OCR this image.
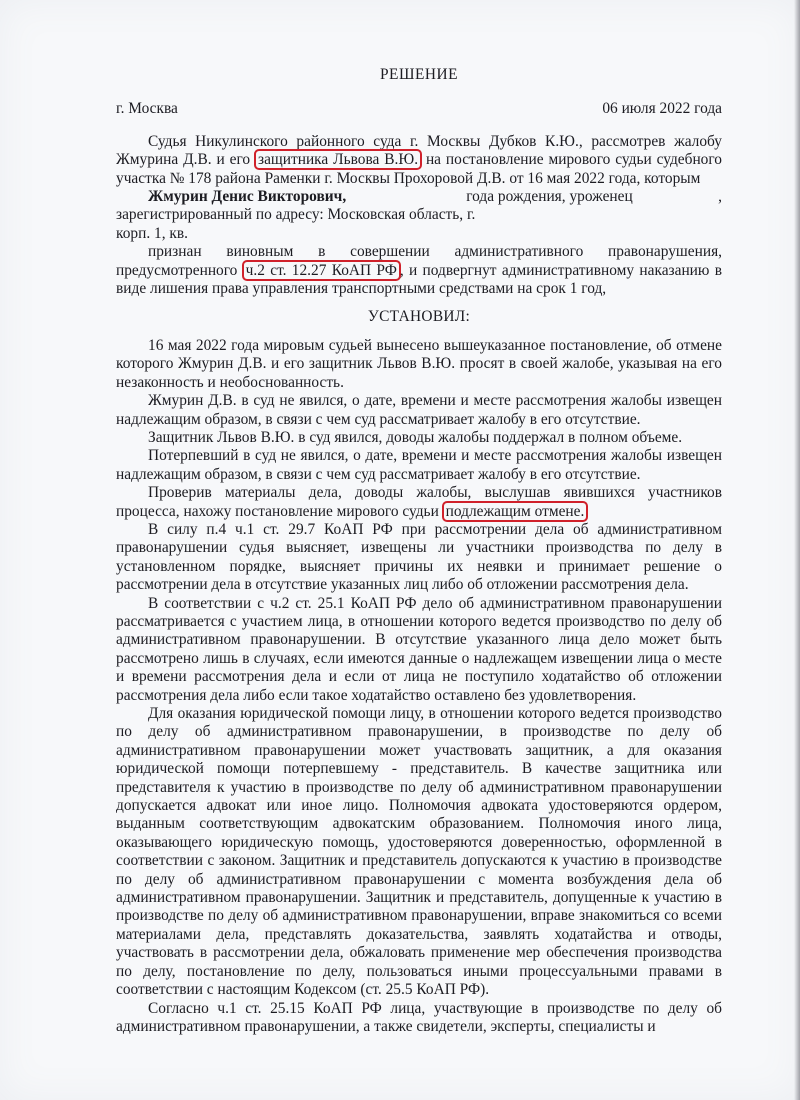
РЕШЕНИЕ
г. Москва	06 июля 2022 года

Судья Никулинского районного суда г. Москвы Дубков К.Ю., рассмотрев жалобу Жмурина Д.В. и его защитника Львова В.Ю. на постановление мирового судьи судебного участка № 178 района Раменки г. Москвы Прохоровой Д.В. от 16 мая 2022 года, которым

Жмурин Денис Викторович,	года рождения, уроженец	,

зарегистрированный по адресу: Московская область, г.

корп. 1, кв.

признан виновным в совершении административного правонарушения, предусмотренного ч.2 ст. 12.27 КоАП РФ , и подвергнут административному наказанию в виде лишения права управления транспортными средствами на срок 1 год,

УСТАНОВИЛ:

16 мая 2022 года мировым судьей вынесено вышеуказанное постановление, об отмене которого Жмурин Д.В. и его защитник Львов В.Ю. просят в своей жалобе, указывая на его незаконность и необоснованность.

Жмурин Д.В. в суд не явился, о дате, времени и месте рассмотрения жалобы извещен надлежащим образом, в связи с чем суд рассматривает жалобу в его отсутствие.

Защитник Львов В.Ю. в суд явился, доводы жалобы поддержал в полном объеме.

Потерпевший в суд не явился, о дате, времени и месте рассмотрения жалобы извещен надлежащим образом, в связи с чем суд рассматривает жалобу в его отсутствие.

Проверив материалы дела, доводы жалобы, выслушав явившихся участников процесса, нахожу постановление мирового судьи подлежащим отмене.

В силу п.4 ч.1 ст. 29.7 КоАП РФ при рассмотрении дела об административном правонарушении судья выясняет, извещены ли участники производства по делу в установленном порядке, выясняет причины их неявки и принимает решение о рассмотрении дела в отсутствие указанных лиц либо об отложении рассмотрения дела.

В соответствии с ч.2 ст. 25.1 КоАП РФ дело об административном правонарушении рассматривается с участием лица, в отношении которого ведется производство по делу об административном правонарушении. В отсутствие указанного лица дело может быть рассмотрено лишь в случаях, если имеются данные о надлежащем извещении лица о месте и времени рассмотрения дела и если от лица не поступило ходатайство об отложении рассмотрения дела либо если такое ходатайство оставлено без удовлетворения.

Для оказания юридической помощи лицу, в отношении которого ведется производство по делу об административном правонарушении, в производстве по делу об административном правонарушении может участвовать защитник, а для оказания юридической помощи потерпевшему - представитель. В качестве защитника или представителя к участию в производстве по делу об административном правонарушении допускается адвокат или иное лицо. Полномочия адвоката удостоверяются ордером, выданным соответствующим адвокатским образованием. Полномочия иного лица, оказывающего юридическую помощь, удостоверяются доверенностью, оформленной в соответствии с законом. Защитник и представитель допускаются к участию в производстве по делу об административном правонарушении с момента возбуждения дела об административном правонарушении. Защитник и представитель, допущенные к участию в производстве по делу об административном правонарушении, вправе знакомиться со всеми материалами дела, представлять доказательства, заявлять ходатайства и отводы, участвовать в рассмотрении дела, обжаловать применение мер обеспечения производства по делу, постановление по делу, пользоваться иными процессуальными правами в соответствии с настоящим Кодексом (ст. 25.5 КоАП РФ).

Согласно ч.1 ст. 25.15 КоАП РФ лица, участвующие в производстве по делу об административном правонарушении, а также свидетели, эксперты, специалисты и
